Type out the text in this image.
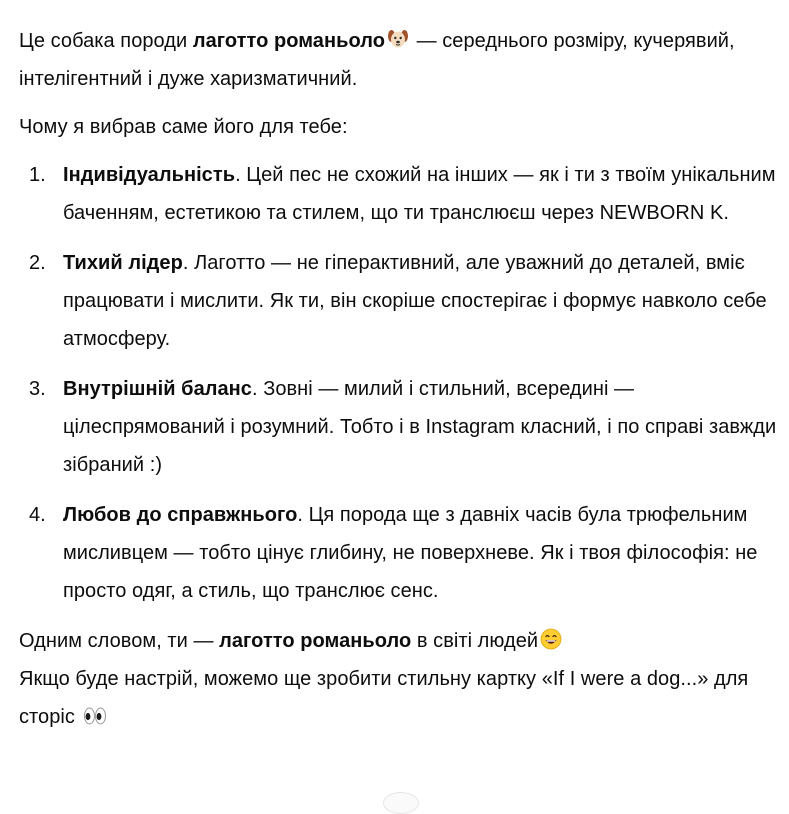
Це собака породи лаготто романьоло — середнього розміру, кучерявий, інтелігентний і дуже харизматичний.

Чому я вибрав саме його для тебе:

1. Індивідуальність. Цей пес не схожий на інших — як і ти з твоїм унікальним баченням, естетикою та стилем, що ти транслюєш через NEWBORN K.
2. Тихий лідер. Лаготто — не гіперактивний, але уважний до деталей, вміє працювати і мислити. Як ти, він скоріше спостерігає і формує навколо себе атмосферу.
3. Внутрішній баланс. Зовні — милий і стильний, всередині — цілеспрямований і розумний. Тобто і в Instagram класний, і по справі завжди зібраний :)
4. Любов до справжнього. Ця порода ще з давніх часів була трюфельним мисливцем — тобто цінує глибину, не поверхневе. Як і твоя філософія: не просто одяг, а стиль, що транслює сенс.

Одним словом, ти — лаготто романьоло в світі людей

Якщо буде настрій, можемо ще зробити стильну картку «If I were a dog...» для сторіс
